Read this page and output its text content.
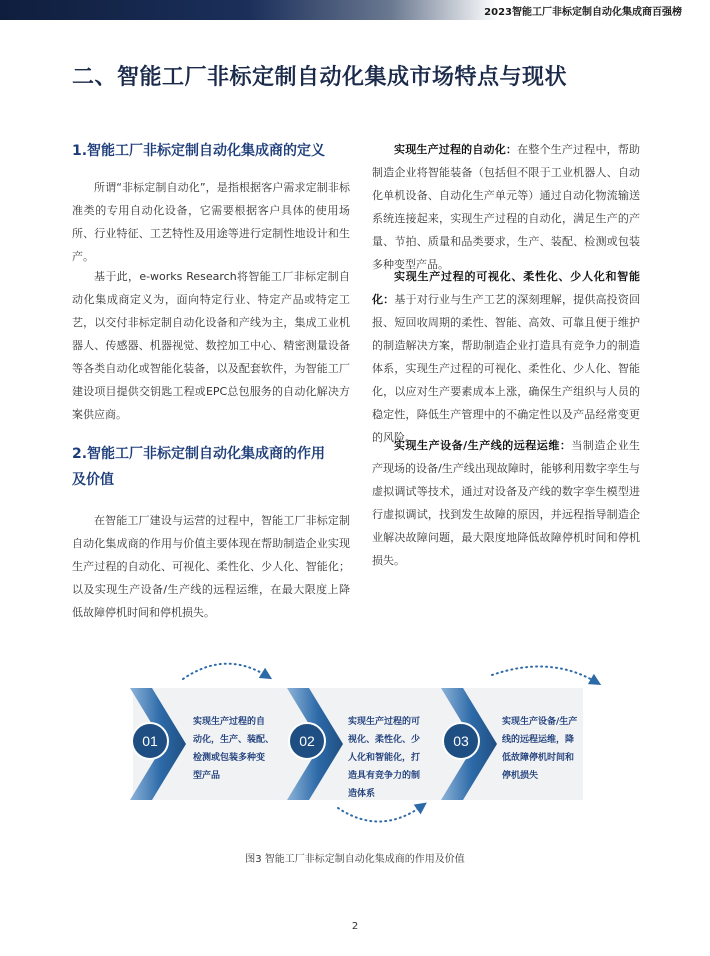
2023智能工厂非标定制自动化集成商百强榜
二、智能工厂非标定制自动化集成市场特点与现状
1.智能工厂非标定制自动化集成商的定义

所谓“非标定制自动化”，是指根据客户需求定制非标准类的专用自动化设备，它需要根据客户具体的使用场所、行业特征、工艺特性及用途等进行定制性地设计和生产。

基于此，e-works Research将智能工厂非标定制自动化集成商定义为，面向特定行业、特定产品或特定工艺，以交付非标定制自动化设备和产线为主，集成工业机器人、传感器、机器视觉、数控加工中心、精密测量设备等各类自动化或智能化装备，以及配套软件，为智能工厂建设项目提供交钥匙工程或EPC总包服务的自动化解决方案供应商。

2.智能工厂非标定制自动化集成商的作用
及价值

在智能工厂建设与运营的过程中，智能工厂非标定制自动化集成商的作用与价值主要体现在帮助制造企业实现生产过程的自动化、可视化、柔性化、少人化、智能化；以及实现生产设备/生产线的远程运维，在最大限度上降低故障停机时间和停机损失。

实现生产过程的自动化：在整个生产过程中，帮助制造企业将智能装备（包括但不限于工业机器人、自动化单机设备、自动化生产单元等）通过自动化物流输送系统连接起来，实现生产过程的自动化，满足生产的产量、节拍、质量和品类要求，生产、装配、检测或包装多种变型产品。

实现生产过程的可视化、柔性化、少人化和智能化：基于对行业与生产工艺的深刻理解，提供高投资回报、短回收周期的柔性、智能、高效、可靠且便于维护的制造解决方案，帮助制造企业打造具有竞争力的制造体系，实现生产过程的可视化、柔性化、少人化、智能化，以应对生产要素成本上涨，确保生产组织与人员的稳定性，降低生产管理中的不确定性以及产品经常变更的风险。

实现生产设备/生产线的远程运维：当制造企业生产现场的设备/生产线出现故障时，能够利用数字孪生与虚拟调试等技术，通过对设备及产线的数字孪生模型进行虚拟调试，找到发生故障的原因，并远程指导制造企业解决故障问题，最大限度地降低故障停机时间和停机损失。

01	02	03
实现生产过程的自
动化，生产、装配、
检测或包装多种变
型产品
实现生产过程的可
视化、柔性化、少
人化和智能化，打
造具有竞争力的制
造体系
实现生产设备/生产
线的远程运维，降
低故障停机时间和
停机损失
图3 智能工厂非标定制自动化集成商的作用及价值
2
